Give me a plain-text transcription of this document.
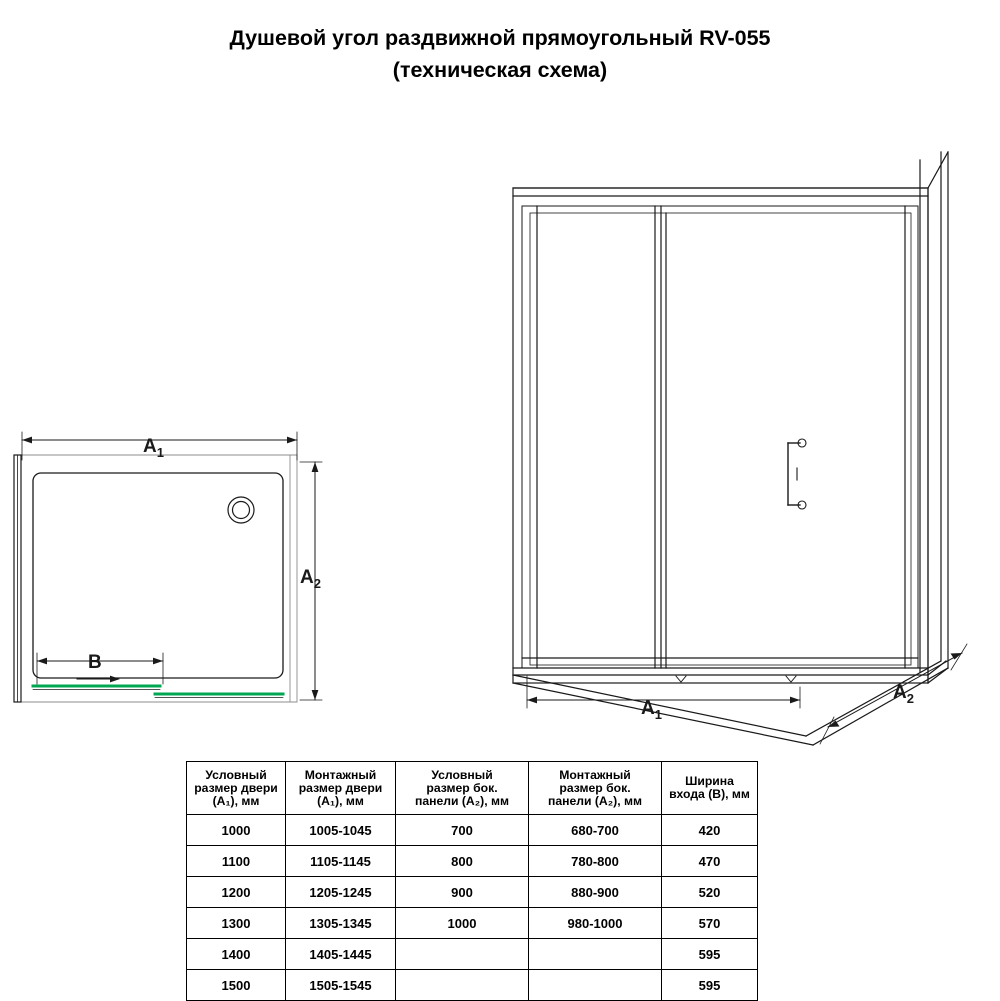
Душевой угол раздвижной прямоугольный RV-055
(техническая схема)
$A_1$
$A_2$
B
$A_1$
$A_2$
Условный
размер двери
(A₁), мм

Монтажный
размер двери
(A₁), мм

Условный
размер бок.
панели (A₂), мм

Монтажный
размер бок.
панели (A₂), мм

Ширина
входа (B), мм

1000	1005-1045	700	680-700	420
1100	1105-1145	800	780-800	470
1200	1205-1245	900	880-900	520
1300	1305-1345	1000	980-1000	570
1400	1405-1445			595
1500	1505-1545			595
